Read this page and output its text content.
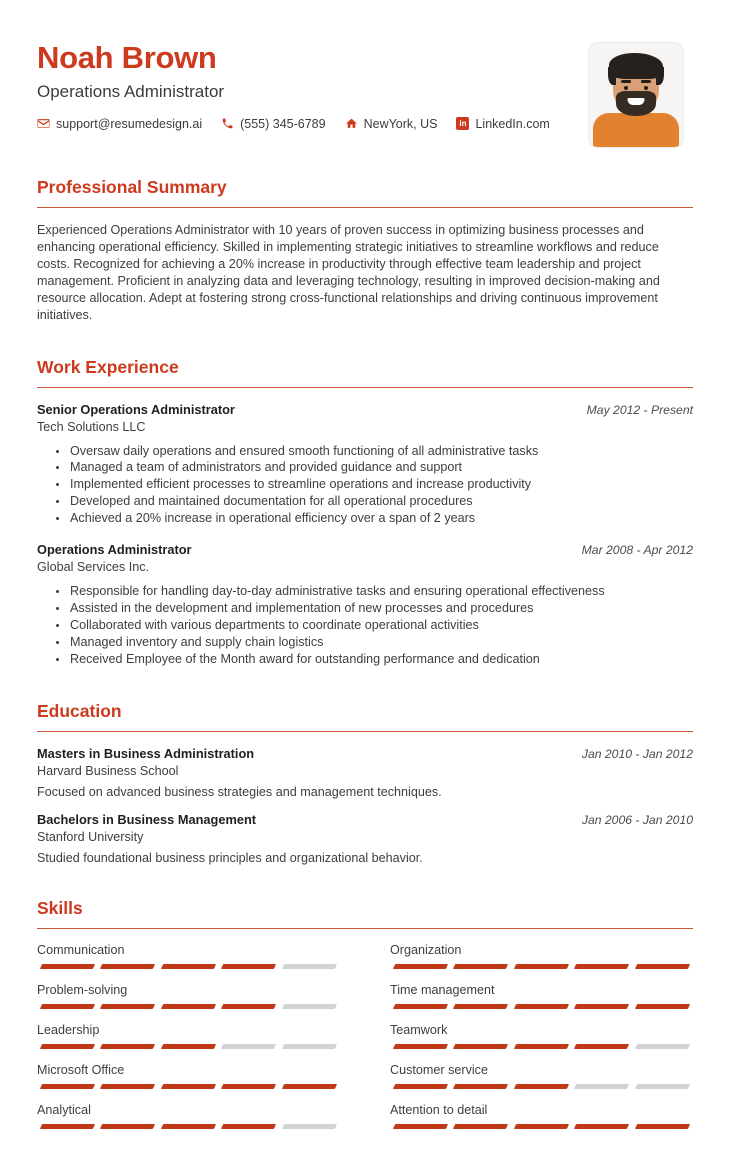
Noah Brown
Operations Administrator
support@resumedesign.ai	(555) 345-6789	NewYork, US	in LinkedIn.com
Professional Summary

Experienced Operations Administrator with 10 years of proven success in optimizing business processes and enhancing operational efficiency. Skilled in implementing strategic initiatives to streamline workflows and reduce costs. Recognized for achieving a 20% increase in productivity through effective team leadership and project management. Proficient in analyzing data and leveraging technology, resulting in improved decision-making and resource allocation. Adept at fostering strong cross-functional relationships and driving continuous improvement initiatives.

Work Experience
Senior Operations Administrator	May 2012 - Present
Tech Solutions LLC
Oversaw daily operations and ensured smooth functioning of all administrative tasks
Managed a team of administrators and provided guidance and support
Implemented efficient processes to streamline operations and increase productivity
Developed and maintained documentation for all operational procedures
Achieved a 20% increase in operational efficiency over a span of 2 years
Operations Administrator	Mar 2008 - Apr 2012
Global Services Inc.
Responsible for handling day-to-day administrative tasks and ensuring operational effectiveness
Assisted in the development and implementation of new processes and procedures
Collaborated with various departments to coordinate operational activities
Managed inventory and supply chain logistics
Received Employee of the Month award for outstanding performance and dedication
Education
Masters in Business Administration	Jan 2010 - Jan 2012
Harvard Business School
Focused on advanced business strategies and management techniques.
Bachelors in Business Management	Jan 2006 - Jan 2010
Stanford University
Studied foundational business principles and organizational behavior.
Skills
Communication
Problem-solving
Leadership
Microsoft Office
Analytical
Organization
Time management
Teamwork
Customer service
Attention to detail
